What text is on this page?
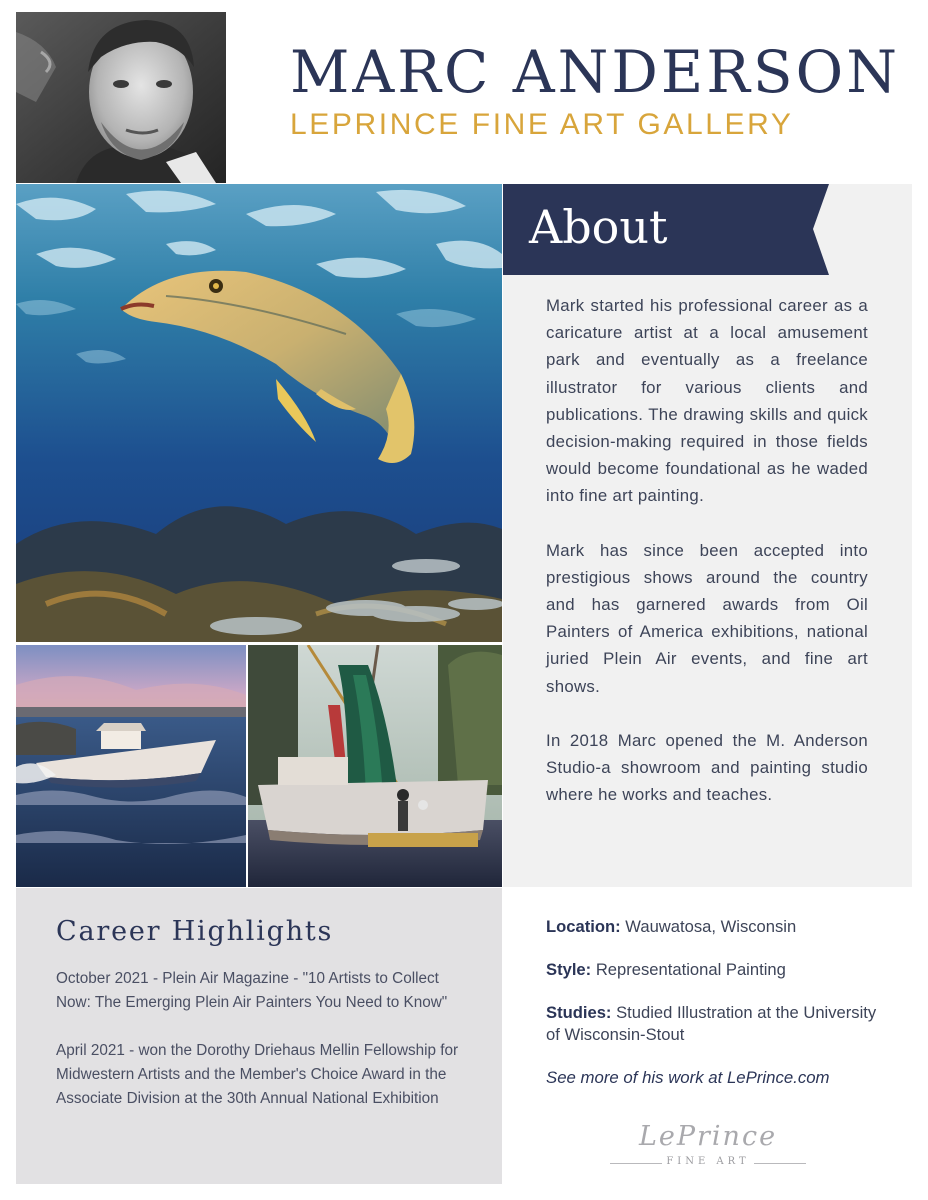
MARC ANDERSON
LEPRINCE FINE ART GALLERY
About

Mark started his professional career as a caricature artist at a local amusement park and eventually as a freelance illustrator for various clients and publications. The drawing skills and quick decision-making required in those fields would become foundational as he waded into fine art painting.

Mark has since been accepted into prestigious shows around the country and has garnered awards from Oil Painters of America exhibitions, national juried Plein Air events, and fine art shows.

In 2018 Marc opened the M. Anderson Studio-a showroom and painting studio where he works and teaches.

Career Highlights

October 2021 - Plein Air Magazine - "10 Artists to Collect Now: The Emerging Plein Air Painters You Need to Know"

April 2021 - won the Dorothy Driehaus Mellin Fellowship for Midwestern Artists and the Member's Choice Award in the Associate Division at the 30th Annual National Exhibition

Location: Wauwatosa, Wisconsin
Style: Representational Painting
Studies: Studied Illustration at the University of Wisconsin-Stout
See more of his work at LePrince.com
LePrince
FINE ART
